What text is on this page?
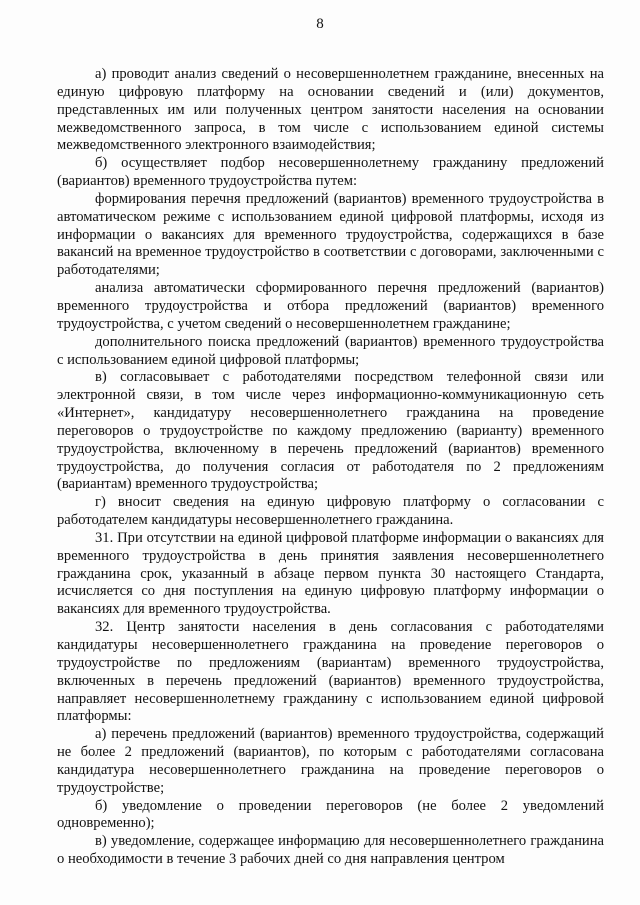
8

а) проводит анализ сведений о несовершеннолетнем гражданине, внесенных на единую цифровую платформу на основании сведений и (или) документов, представленных им или полученных центром занятости населения на основании межведомственного запроса, в том числе с использованием единой системы межведомственного электронного взаимодействия;

б) осуществляет подбор несовершеннолетнему гражданину предложений (вариантов) временного трудоустройства путем:

формирования перечня предложений (вариантов) временного трудоустройства в автоматическом режиме с использованием единой цифровой платформы, исходя из информации о вакансиях для временного трудоустройства, содержащихся в базе вакансий на временное трудоустройство в соответствии с договорами, заключенными с работодателями;

анализа автоматически сформированного перечня предложений (вариантов) временного трудоустройства и отбора предложений (вариантов) временного трудоустройства, с учетом сведений о несовершеннолетнем гражданине;

дополнительного поиска предложений (вариантов) временного трудоустройства с использованием единой цифровой платформы;

в) согласовывает с работодателями посредством телефонной связи или электронной связи, в том числе через информационно-коммуникационную сеть «Интернет», кандидатуру несовершеннолетнего гражданина на проведение переговоров о трудоустройстве по каждому предложению (варианту) временного трудоустройства, включенному в перечень предложений (вариантов) временного трудоустройства, до получения согласия от работодателя по 2 предложениям (вариантам) временного трудоустройства;

г) вносит сведения на единую цифровую платформу о согласовании с работодателем кандидатуры несовершеннолетнего гражданина.

31. При отсутствии на единой цифровой платформе информации о вакансиях для временного трудоустройства в день принятия заявления несовершеннолетнего гражданина срок, указанный в абзаце первом пункта 30 настоящего Стандарта, исчисляется со дня поступления на единую цифровую платформу информации о вакансиях для временного трудоустройства.

32. Центр занятости населения в день согласования с работодателями кандидатуры несовершеннолетнего гражданина на проведение переговоров о трудоустройстве по предложениям (вариантам) временного трудоустройства, включенных в перечень предложений (вариантов) временного трудоустройства, направляет несовершеннолетнему гражданину с использованием единой цифровой платформы:

а) перечень предложений (вариантов) временного трудоустройства, содержащий не более 2 предложений (вариантов), по которым с работодателями согласована кандидатура несовершеннолетнего гражданина на проведение переговоров о трудоустройстве;

б) уведомление о проведении переговоров (не более 2 уведомлений одновременно);

в) уведомление, содержащее информацию для несовершеннолетнего гражданина о необходимости в течение 3 рабочих дней со дня направления центром
